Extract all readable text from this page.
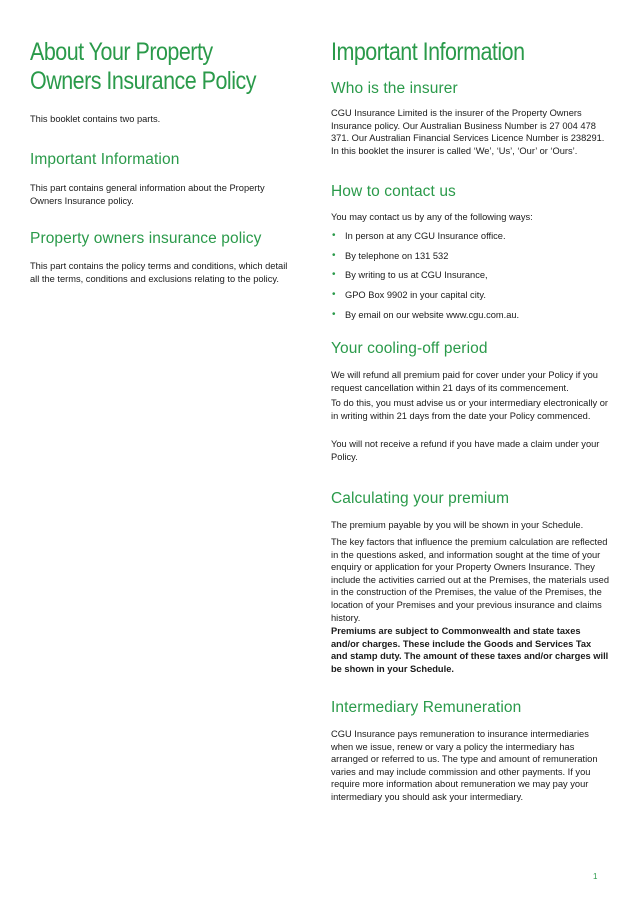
About Your Property
Owners Insurance Policy

This booklet contains two parts.

Important Information

This part contains general information about the Property Owners Insurance policy.

Property owners insurance policy

This part contains the policy terms and conditions, which detail all the terms, conditions and exclusions relating to the policy.

Important Information
Who is the insurer

CGU Insurance Limited is the insurer of the Property Owners Insurance policy. Our Australian Business Number is 27 004 478 371. Our Australian Financial Services Licence Number is 238291. In this booklet the insurer is called ‘We’, ‘Us’, ‘Our’ or ‘Ours’.

How to contact us

You may contact us by any of the following ways:

• In person at any CGU Insurance office.
• By telephone on 131 532
• By writing to us at CGU Insurance,
• GPO Box 9902 in your capital city.
• By email on our website www.cgu.com.au.
Your cooling-off period

We will refund all premium paid for cover under your Policy if you request cancellation within 21 days of its commencement.

To do this, you must advise us or your intermediary electronically or in writing within 21 days from the date your Policy commenced.

You will not receive a refund if you have made a claim under your Policy.

Calculating your premium

The premium payable by you will be shown in your Schedule.

The key factors that influence the premium calculation are reflected in the questions asked, and information sought at the time of your enquiry or application for your Property Owners Insurance. They include the activities carried out at the Premises, the materials used in the construction of the Premises, the value of the Premises, the location of your Premises and your previous insurance and claims history.

Premiums are subject to Commonwealth and state taxes and/or charges. These include the Goods and Services Tax and stamp duty. The amount of these taxes and/or charges will be shown in your Schedule.

Intermediary Remuneration

CGU Insurance pays remuneration to insurance intermediaries when we issue, renew or vary a policy the intermediary has arranged or referred to us. The type and amount of remuneration varies and may include commission and other payments. If you require more information about remuneration we may pay your intermediary you should ask your intermediary.

1
